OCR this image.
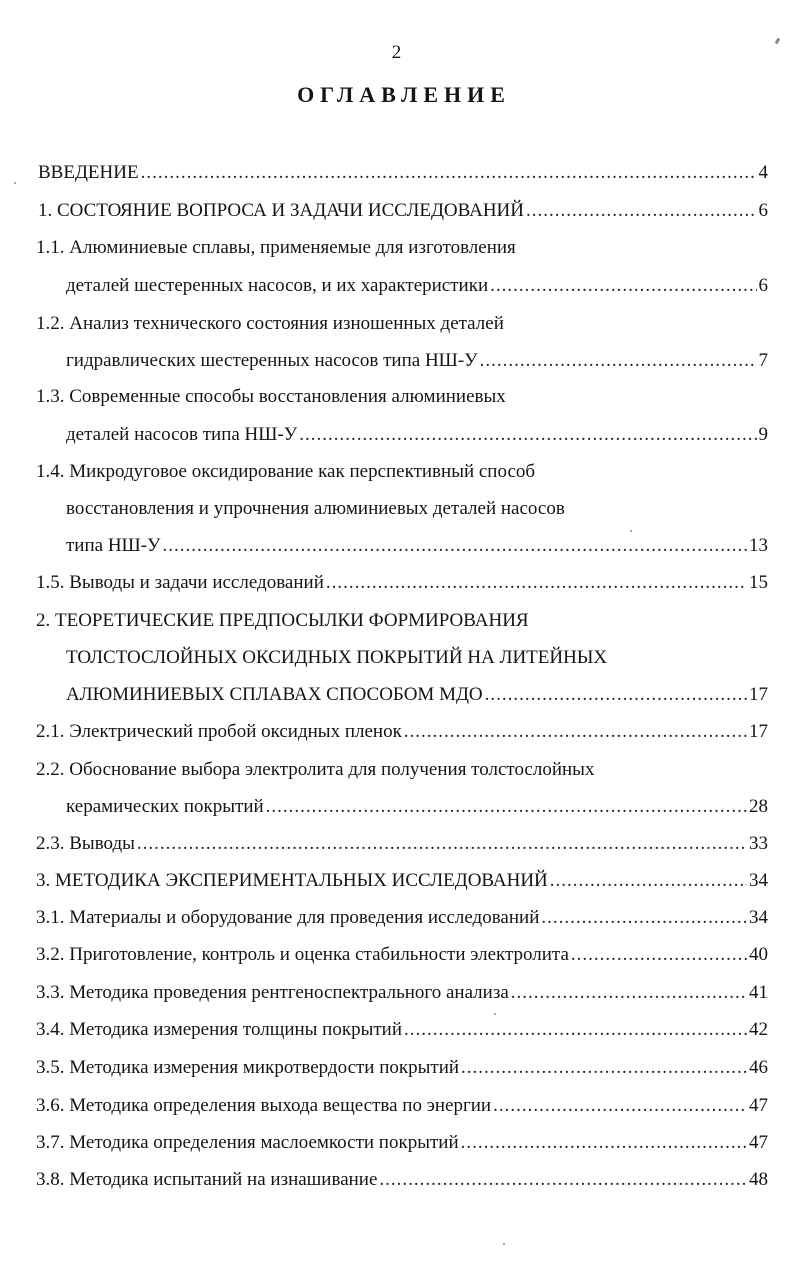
2
ОГЛАВЛЕНИЕ
ВВЕДЕНИЕ .....	4
1. СОСТОЯНИЕ ВОПРОСА И ЗАДАЧИ ИССЛЕДОВАНИЙ .....	6
1.1. Алюминиевые сплавы, применяемые для изготовления
деталей шестеренных насосов, и их характеристики .....	6
1.2. Анализ технического состояния изношенных деталей
гидравлических шестеренных насосов типа НШ-У .....	7
1.3. Современные способы восстановления алюминиевых
деталей насосов типа НШ-У .....	9
1.4. Микродуговое оксидирование как перспективный способ
восстановления и упрочнения алюминиевых деталей насосов
типа НШ-У .....	13
1.5. Выводы и задачи исследований .....	15
2. ТЕОРЕТИЧЕСКИЕ ПРЕДПОСЫЛКИ ФОРМИРОВАНИЯ
ТОЛСТОСЛОЙНЫХ ОКСИДНЫХ ПОКРЫТИЙ НА ЛИТЕЙНЫХ
АЛЮМИНИЕВЫХ СПЛАВАХ СПОСОБОМ МДО .....	17
2.1. Электрический пробой оксидных пленок .....	17
2.2. Обоснование выбора электролита для получения толстослойных
керамических покрытий .....	28
2.3. Выводы .....	33
3. МЕТОДИКА ЭКСПЕРИМЕНТАЛЬНЫХ ИССЛЕДОВАНИЙ .....	34
3.1. Материалы и оборудование для проведения исследований .....	34
3.2. Приготовление, контроль и оценка стабильности электролита .....	40
3.3. Методика проведения рентгеноспектрального анализа .....	41
3.4. Методика измерения толщины покрытий .....	42
3.5. Методика измерения микротвердости покрытий .....	46
3.6. Методика определения выхода вещества по энергии .....	47
3.7. Методика определения маслоемкости покрытий .....	47
3.8. Методика испытаний на изнашивание .....	48
